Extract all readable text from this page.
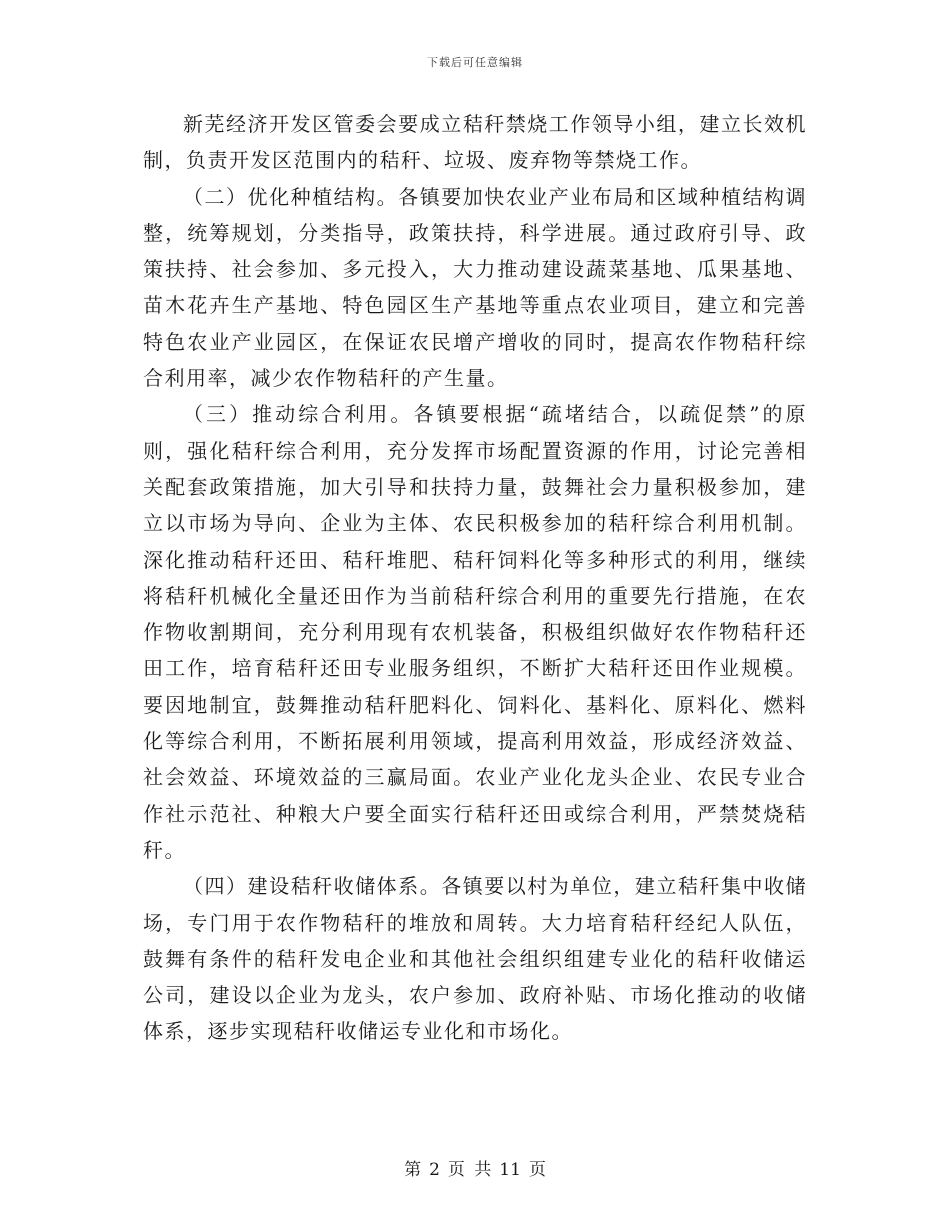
下载后可任意编辑

新芜经济开发区管委会要成立秸秆禁烧工作领导小组，建立长效机制，负责开发区范围内的秸秆、垃圾、废弃物等禁烧工作。

（二）优化种植结构。各镇要加快农业产业布局和区域种植结构调整，统筹规划，分类指导，政策扶持，科学进展。通过政府引导、政策扶持、社会参加、多元投入，大力推动建设蔬菜基地、瓜果基地、苗木花卉生产基地、特色园区生产基地等重点农业项目，建立和完善特色农业产业园区，在保证农民增产增收的同时，提高农作物秸秆综合利用率，减少农作物秸秆的产生量。

（三）推动综合利用。各镇要根据“疏堵结合，以疏促禁”的原则，强化秸秆综合利用，充分发挥市场配置资源的作用，讨论完善相关配套政策措施，加大引导和扶持力量，鼓舞社会力量积极参加，建立以市场为导向、企业为主体、农民积极参加的秸秆综合利用机制。深化推动秸秆还田、秸秆堆肥、秸秆饲料化等多种形式的利用，继续将秸秆机械化全量还田作为当前秸秆综合利用的重要先行措施，在农作物收割期间，充分利用现有农机装备，积极组织做好农作物秸秆还田工作，培育秸秆还田专业服务组织，不断扩大秸秆还田作业规模。要因地制宜，鼓舞推动秸秆肥料化、饲料化、基料化、原料化、燃料化等综合利用，不断拓展利用领域，提高利用效益，形成经济效益、社会效益、环境效益的三赢局面。农业产业化龙头企业、农民专业合作社示范社、种粮大户要全面实行秸秆还田或综合利用，严禁焚烧秸秆。

（四）建设秸秆收储体系。各镇要以村为单位，建立秸秆集中收储场，专门用于农作物秸秆的堆放和周转。大力培育秸秆经纪人队伍，鼓舞有条件的秸秆发电企业和其他社会组织组建专业化的秸秆收储运公司，建设以企业为龙头，农户参加、政府补贴、市场化推动的收储体系，逐步实现秸秆收储运专业化和市场化。

第 2 页 共 11 页
